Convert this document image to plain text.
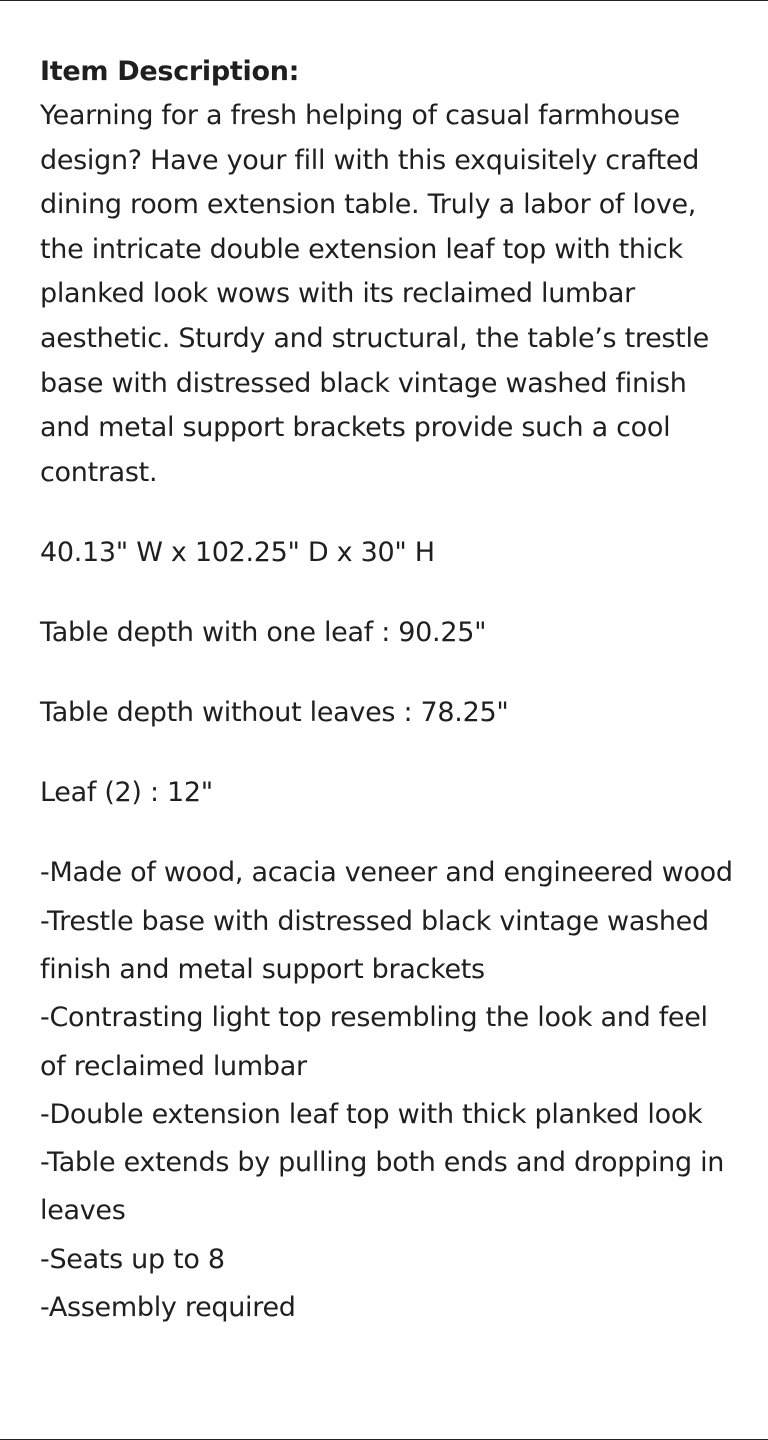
Item Description:

Yearning for a fresh helping of casual farmhouse design? Have your fill with this exquisitely crafted dining room extension table. Truly a labor of love, the intricate double extension leaf top with thick planked look wows with its reclaimed lumbar aesthetic. Sturdy and structural, the table’s trestle base with distressed black vintage washed finish and metal support brackets provide such a cool contrast.

40.13" W x 102.25" D x 30" H

Table depth with one leaf : 90.25"

Table depth without leaves : 78.25"

Leaf (2) : 12"

-Made of wood, acacia veneer and engineered wood
-Trestle base with distressed black vintage washed finish and metal support brackets
-Contrasting light top resembling the look and feel of reclaimed lumbar
-Double extension leaf top with thick planked look
-Table extends by pulling both ends and dropping in leaves
-Seats up to 8
-Assembly required
